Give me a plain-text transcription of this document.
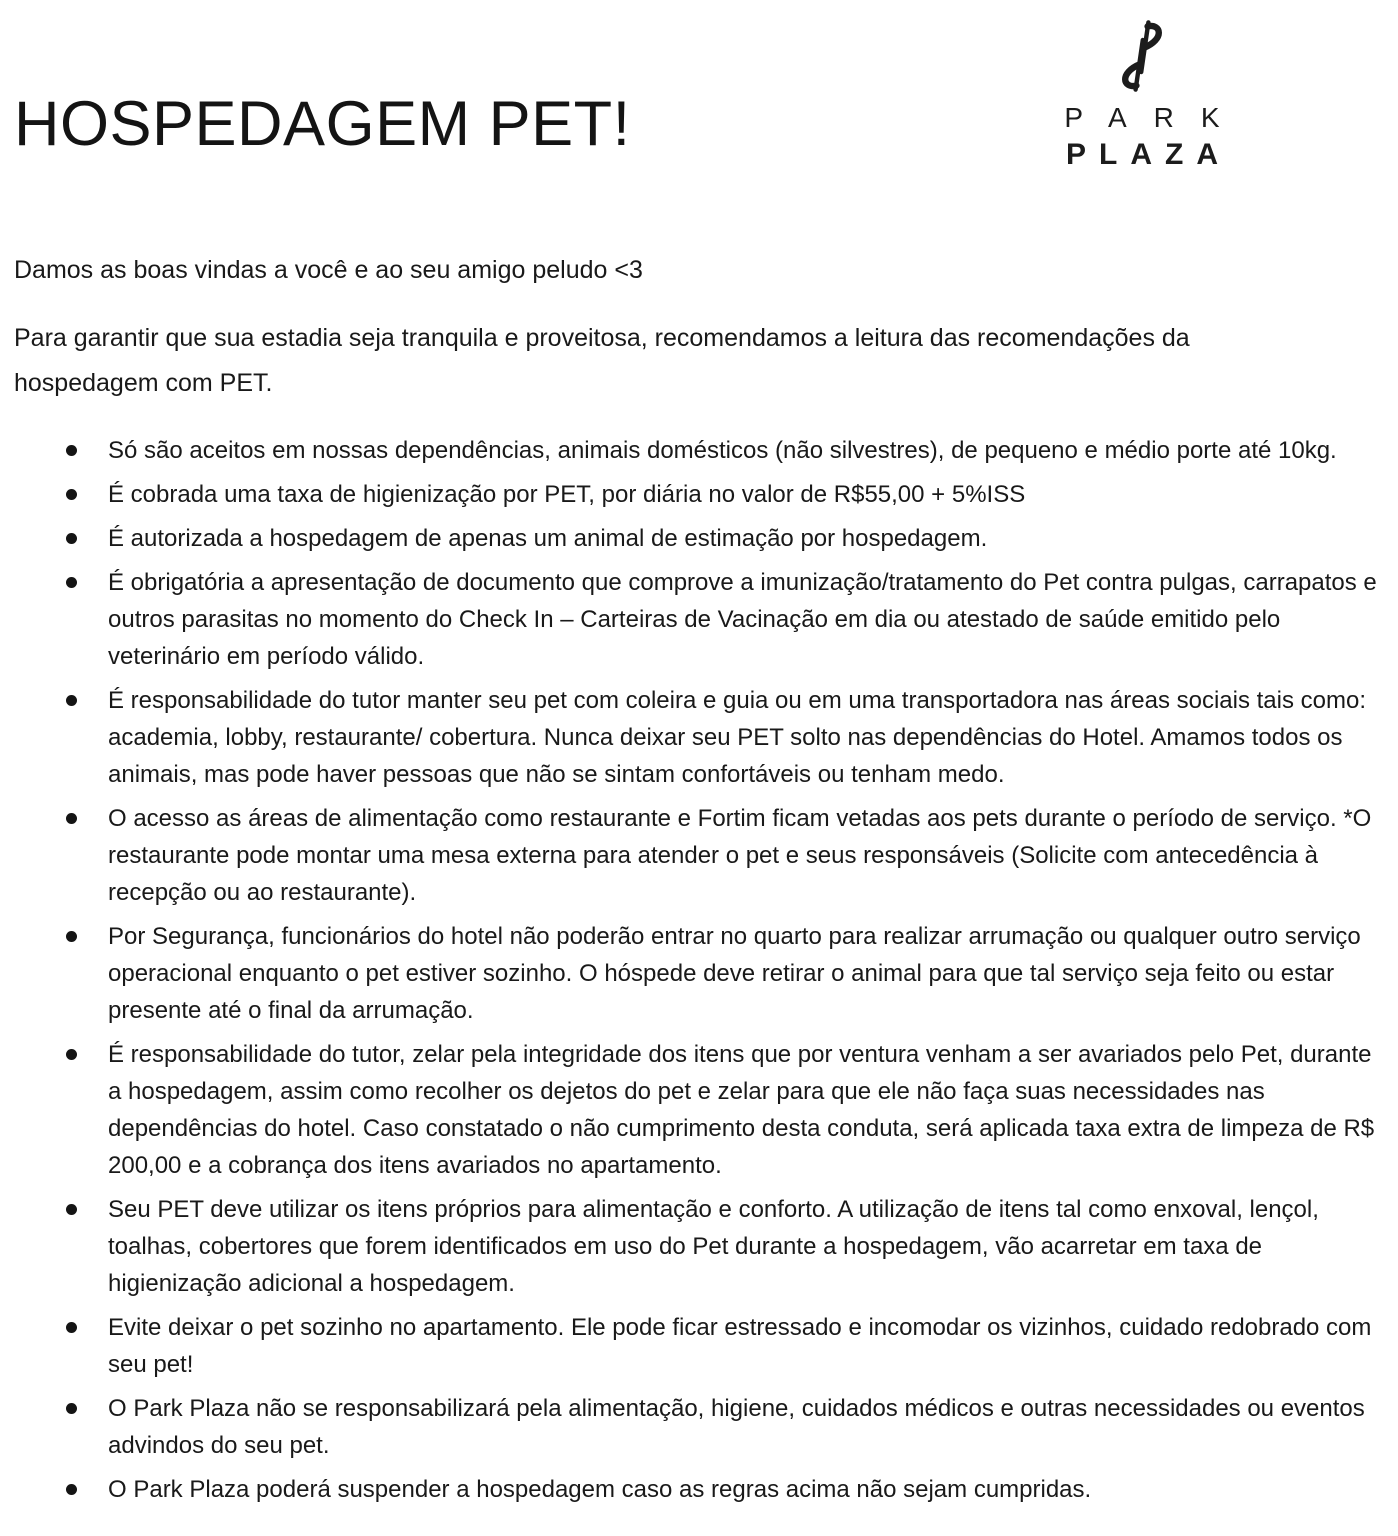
HOSPEDAGEM PET!	PARK
PLAZA

Damos as boas vindas a você e ao seu amigo peludo <3

Para garantir que sua estadia seja tranquila e proveitosa, recomendamos a leitura das recomendações da hospedagem com PET.

Só são aceitos em nossas dependências, animais domésticos (não silvestres), de pequeno e médio porte até 10kg.
É cobrada uma taxa de higienização por PET, por diária no valor de R$55,00 + 5%ISS
É autorizada a hospedagem de apenas um animal de estimação por hospedagem.
É obrigatória a apresentação de documento que comprove a imunização/tratamento do Pet contra pulgas, carrapatos e outros parasitas no momento do Check In – Carteiras de Vacinação em dia ou atestado de saúde emitido pelo veterinário em período válido.
É responsabilidade do tutor manter seu pet com coleira e guia ou em uma transportadora nas áreas sociais tais como: academia, lobby, restaurante/ cobertura. Nunca deixar seu PET solto nas dependências do Hotel. Amamos todos os animais, mas pode haver pessoas que não se sintam confortáveis ou tenham medo.
O acesso as áreas de alimentação como restaurante e Fortim ficam vetadas aos pets durante o período de serviço. *O restaurante pode montar uma mesa externa para atender o pet e seus responsáveis (Solicite com antecedência à recepção ou ao restaurante).
Por Segurança, funcionários do hotel não poderão entrar no quarto para realizar arrumação ou qualquer outro serviço operacional enquanto o pet estiver sozinho. O hóspede deve retirar o animal para que tal serviço seja feito ou estar presente até o final da arrumação.
É responsabilidade do tutor, zelar pela integridade dos itens que por ventura venham a ser avariados pelo Pet, durante a hospedagem, assim como recolher os dejetos do pet e zelar para que ele não faça suas necessidades nas dependências do hotel. Caso constatado o não cumprimento desta conduta, será aplicada taxa extra de limpeza de R$ 200,00 e a cobrança dos itens avariados no apartamento.
Seu PET deve utilizar os itens próprios para alimentação e conforto. A utilização de itens tal como enxoval, lençol, toalhas, cobertores que forem identificados em uso do Pet durante a hospedagem, vão acarretar em taxa de higienização adicional a hospedagem.
Evite deixar o pet sozinho no apartamento. Ele pode ficar estressado e incomodar os vizinhos, cuidado redobrado com seu pet!
O Park Plaza não se responsabilizará pela alimentação, higiene, cuidados médicos e outras necessidades ou eventos advindos do seu pet.
O Park Plaza poderá suspender a hospedagem caso as regras acima não sejam cumpridas.
